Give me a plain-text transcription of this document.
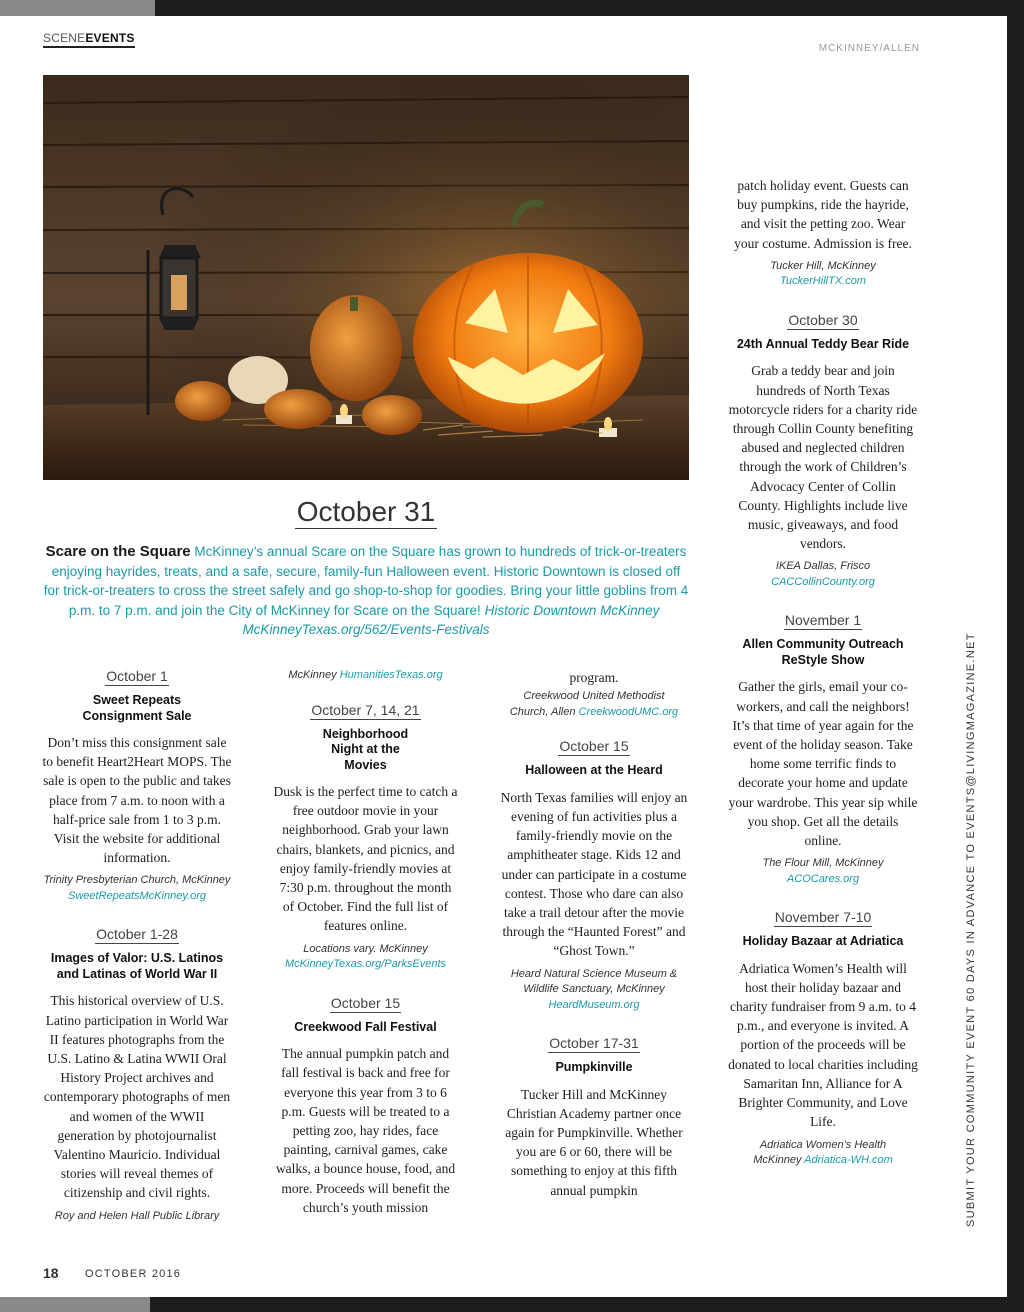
SCENEEVENTS
MCKINNEY/ALLEN
October 31
Scare on the Square McKinney’s annual Scare on the Square has grown to hundreds of trick-or-treaters enjoying hayrides, treats, and a safe, secure, family-fun Halloween event. Historic Downtown is closed off for trick-or-treaters to cross the street safely and go shop-to-shop for goodies. Bring your little goblins from 4 p.m. to 7 p.m. and join the City of McKinney for Scare on the Square! Historic Downtown McKinney  McKinneyTexas.org/562/Events-Festivals
October 1
Sweet Repeats Consignment Sale
Don’t miss this consignment sale to benefit Heart2Heart MOPS. The sale is open to the public and takes place from 7 a.m. to noon with a half-price sale from 1 to 3 p.m. Visit the website for additional information.
Trinity Presbyterian Church, McKinney
SweetRepeatsMcKinney.org
October 1-28
Images of Valor: U.S. Latinos and Latinas of World War II
This historical overview of U.S. Latino participation in World War II features photographs from the U.S. Latino & Latina WWII Oral History Project archives and contemporary photographs of men and women of the WWII generation by photojournalist Valentino Mauricio. Individual stories will reveal themes of citizenship and civil rights.
Roy and Helen Hall Public Library
McKinney HumanitiesTexas.org
October 7, 14, 21
Neighborhood Night at the Movies
Dusk is the perfect time to catch a free outdoor movie in your neighborhood. Grab your lawn chairs, blankets, and picnics, and enjoy family-friendly movies at 7:30 p.m. throughout the month of October. Find the full list of features online.
Locations vary. McKinney
McKinneyTexas.org/ParksEvents
October 15
Creekwood Fall Festival
The annual pumpkin patch and fall festival is back and free for everyone this year from 3 to 6 p.m. Guests will be treated to a petting zoo, hay rides, face painting, carnival games, cake walks, a bounce house, food, and more. Proceeds will benefit the church’s youth mission
program.
Creekwood United Methodist Church, Allen CreekwoodUMC.org
October 15
Halloween at the Heard
North Texas families will enjoy an evening of fun activities plus a family-friendly movie on the amphitheater stage. Kids 12 and under can participate in a costume contest. Those who dare can also take a trail detour after the movie through the “Haunted Forest” and “Ghost Town.”
Heard Natural Science Museum & Wildlife Sanctuary, McKinney
HeardMuseum.org
October 17-31
Pumpkinville
Tucker Hill and McKinney Christian Academy partner once again for Pumpkinville. Whether you are 6 or 60, there will be something to enjoy at this fifth annual pumpkin
patch holiday event. Guests can buy pumpkins, ride the hayride, and visit the petting zoo. Wear your costume. Admission is free.
Tucker Hill, McKinney
TuckerHillTX.com
October 30
24th Annual Teddy Bear Ride
Grab a teddy bear and join hundreds of North Texas motorcycle riders for a charity ride through Collin County benefiting abused and neglected children through the work of Children’s Advocacy Center of Collin County. Highlights include live music, giveaways, and food vendors.
IKEA Dallas, Frisco
CACCollinCounty.org
November 1
Allen Community Outreach ReStyle Show
Gather the girls, email your co-workers, and call the neighbors! It’s that time of year again for the event of the holiday season. Take home some terrific finds to decorate your home and update your wardrobe. This year sip while you shop. Get all the details online.
The Flour Mill, McKinney
ACOCares.org
November 7-10
Holiday Bazaar at Adriatica
Adriatica Women’s Health will host their holiday bazaar and charity fundraiser from 9 a.m. to 4 p.m., and everyone is invited. A portion of the proceeds will be donated to local charities including Samaritan Inn, Alliance for A Brighter Community, and Love Life.
Adriatica Women’s Health
McKinney Adriatica-WH.com	SUBMIT YOUR COMMUNITY EVENT 60 DAYS IN ADVANCE TO EVENTS@LIVINGMAGAZINE.NET
18 OCTOBER 2016
